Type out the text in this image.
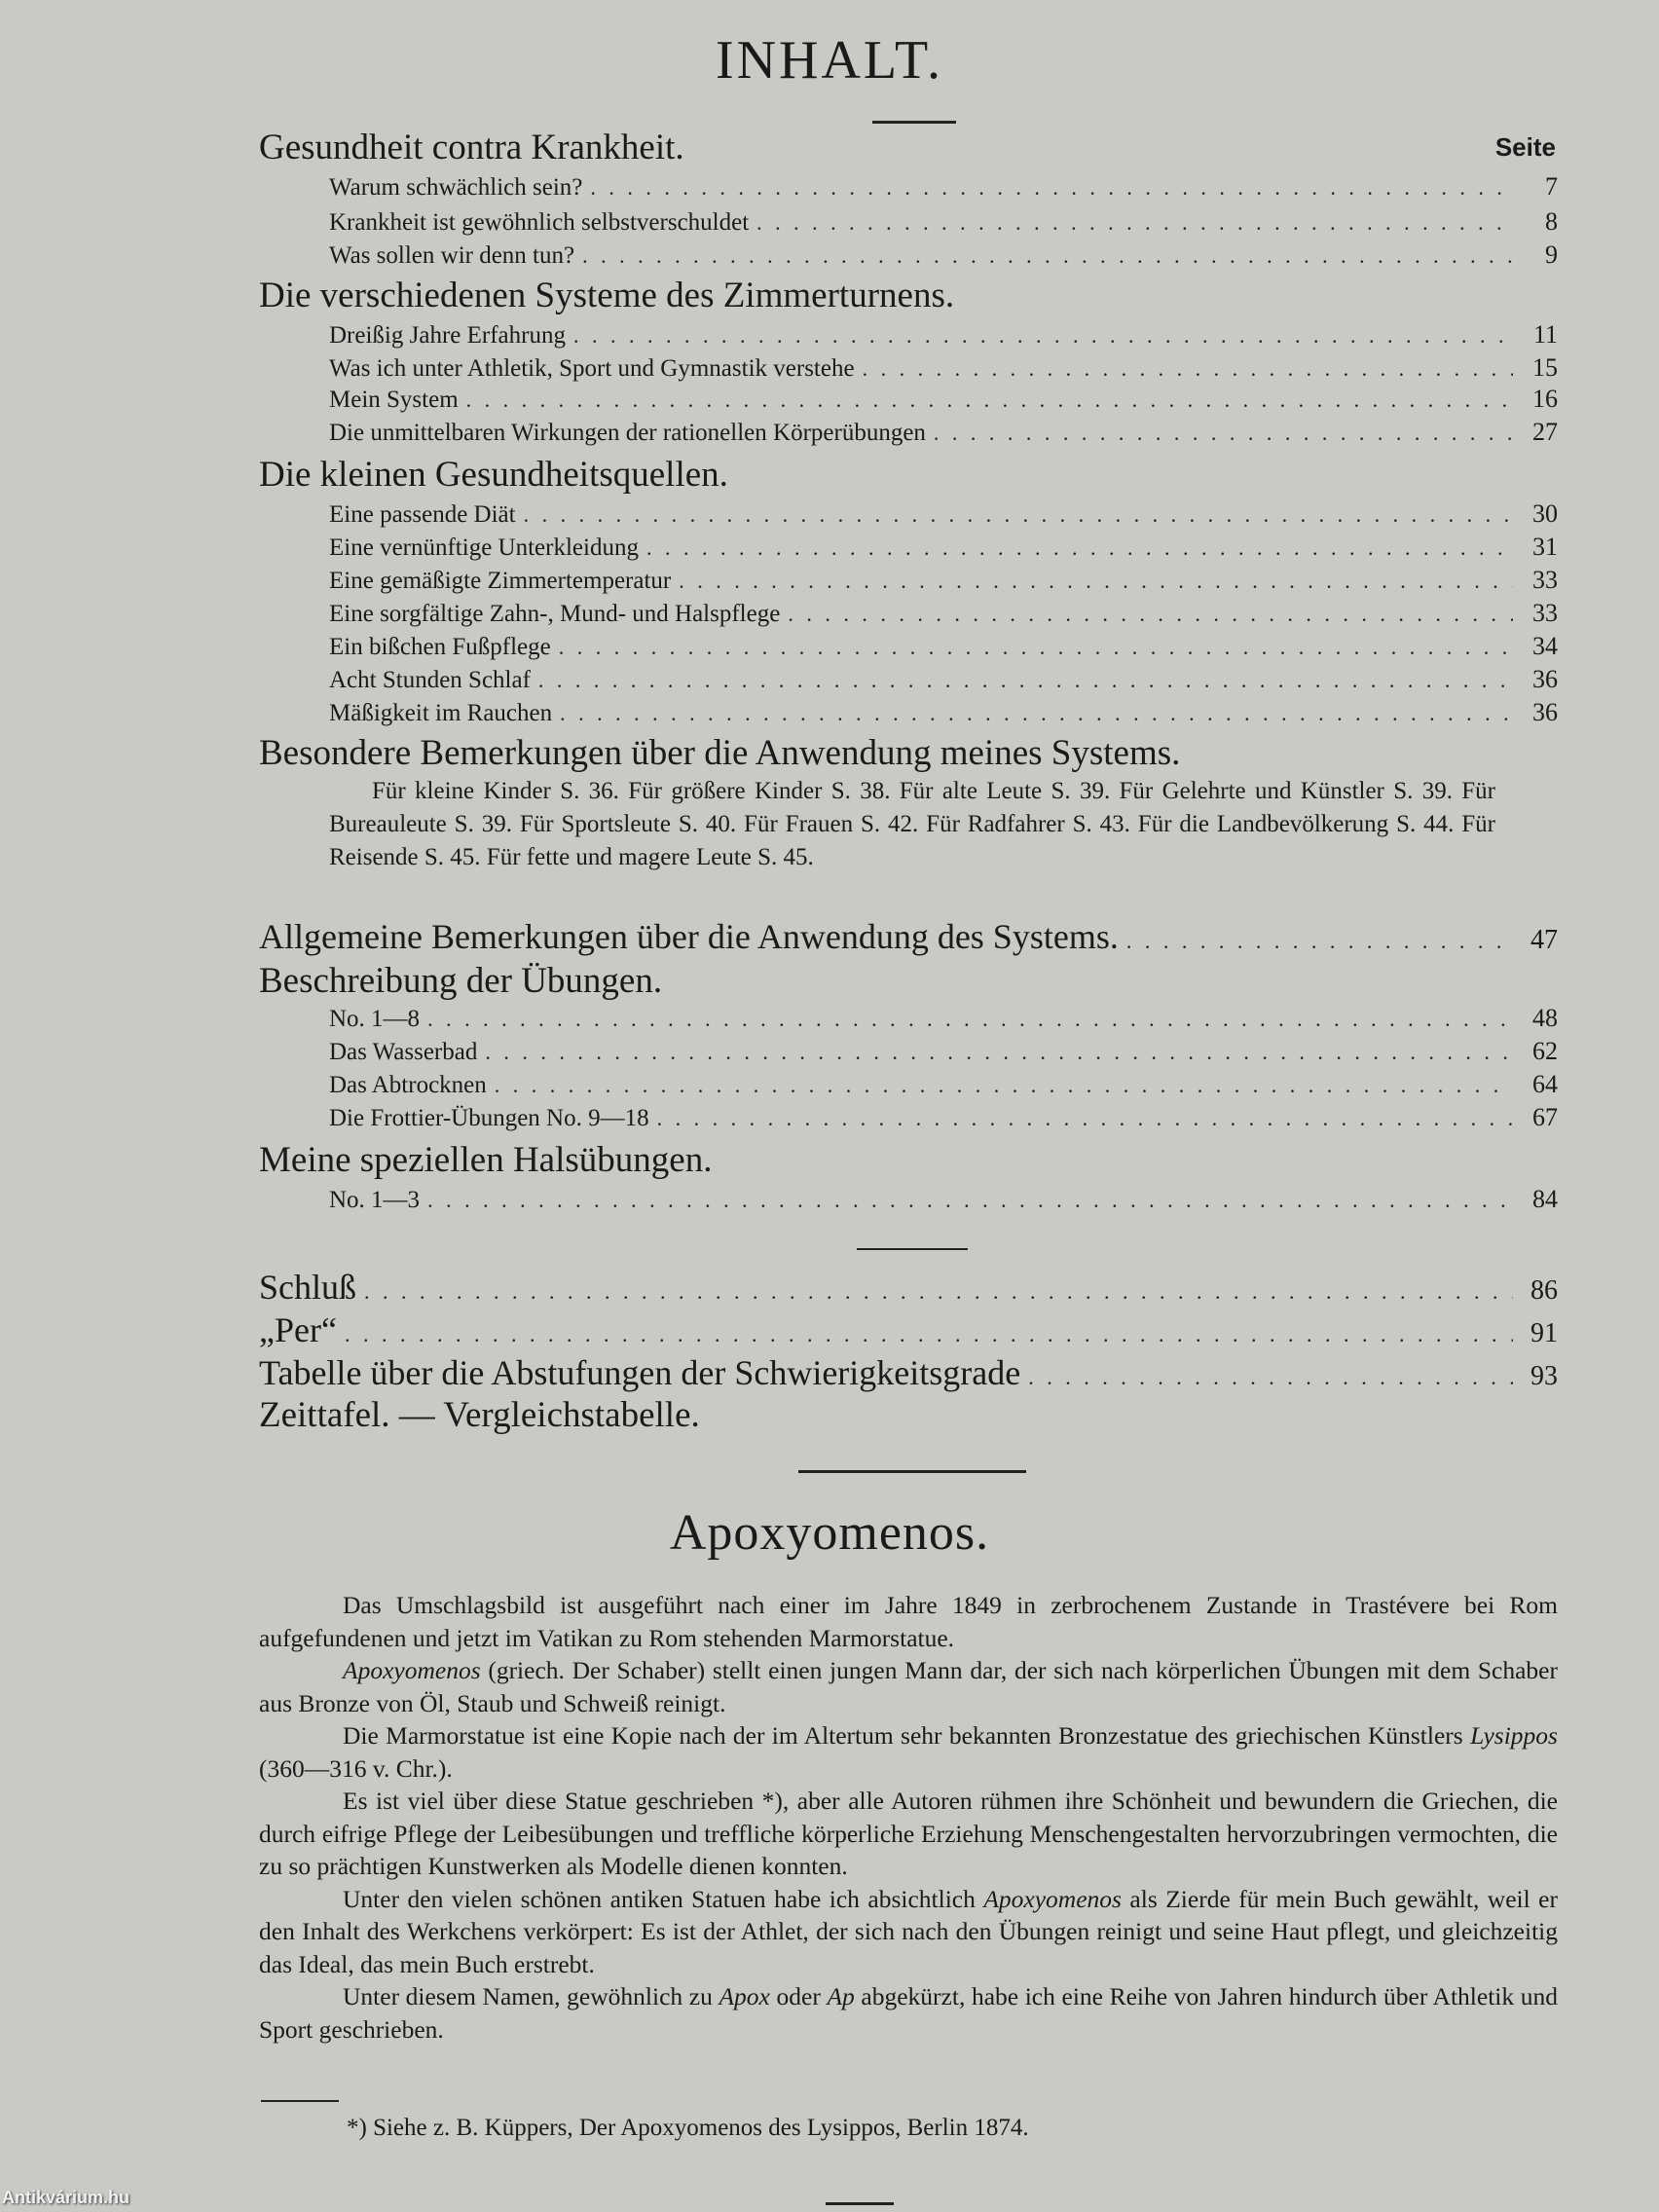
INHALT.
Seite
Gesundheit contra Krankheit.
Warum schwächlich sein? . . .	7
Krankheit ist gewöhnlich selbstverschuldet . . .	8
Was sollen wir denn tun? . . .	9
Die verschiedenen Systeme des Zimmerturnens.
Dreißig Jahre Erfahrung . . .	11
Was ich unter Athletik, Sport und Gymnastik verstehe . . .	15
Mein System . . .	16
Die unmittelbaren Wirkungen der rationellen Körperübungen . . .	27
Die kleinen Gesundheitsquellen.
Eine passende Diät . . .	30
Eine vernünftige Unterkleidung . . .	31
Eine gemäßigte Zimmertemperatur . . .	33
Eine sorgfältige Zahn-, Mund- und Halspflege . . .	33
Ein bißchen Fußpflege . . .	34
Acht Stunden Schlaf . . .	36
Mäßigkeit im Rauchen . . .	36
Besondere Bemerkungen über die Anwendung meines Systems.
Für kleine Kinder S. 36. Für größere Kinder S. 38. Für alte Leute S. 39. Für Gelehrte und Künstler S. 39. Für Bureauleute S. 39. Für Sportsleute S. 40. Für Frauen S. 42. Für Radfahrer S. 43. Für die Landbevölkerung S. 44. Für Reisende S. 45. Für fette und magere Leute S. 45.
Allgemeine Bemerkungen über die Anwendung des Systems. . . .	47
Beschreibung der Übungen.
No. 1—8 . . .	48
Das Wasserbad . . .	62
Das Abtrocknen . . .	64
Die Frottier-Übungen No. 9—18 . . .	67
Meine speziellen Halsübungen.
No. 1—3 . . .	84
Schluß . . .	86
„Per“ . . .	91
Tabelle über die Abstufungen der Schwierigkeitsgrade . . .	93
Zeittafel. — Vergleichstabelle.
Apoxyomenos.

Das Umschlagsbild ist ausgeführt nach einer im Jahre 1849 in zerbrochenem Zustande in Trastévere bei Rom aufgefundenen und jetzt im Vatikan zu Rom stehenden Marmorstatue.

Apoxyomenos (griech. Der Schaber) stellt einen jungen Mann dar, der sich nach körperlichen Übungen mit dem Schaber aus Bronze von Öl, Staub und Schweiß reinigt.

Die Marmorstatue ist eine Kopie nach der im Altertum sehr bekannten Bronzestatue des griechischen Künstlers Lysippos (360—316 v. Chr.).

Es ist viel über diese Statue geschrieben *), aber alle Autoren rühmen ihre Schönheit und bewundern die Griechen, die durch eifrige Pflege der Leibesübungen und treffliche körperliche Erziehung Menschengestalten hervorzubringen vermochten, die zu so prächtigen Kunstwerken als Modelle dienen konnten.

Unter den vielen schönen antiken Statuen habe ich absichtlich Apoxyomenos als Zierde für mein Buch gewählt, weil er den Inhalt des Werkchens verkörpert: Es ist der Athlet, der sich nach den Übungen reinigt und seine Haut pflegt, und gleichzeitig das Ideal, das mein Buch erstrebt.

Unter diesem Namen, gewöhnlich zu Apox oder Ap abgekürzt, habe ich eine Reihe von Jahren hindurch über Athletik und Sport geschrieben.

*) Siehe z. B. Küppers, Der Apoxyomenos des Lysippos, Berlin 1874.
Antikvárium.hu
